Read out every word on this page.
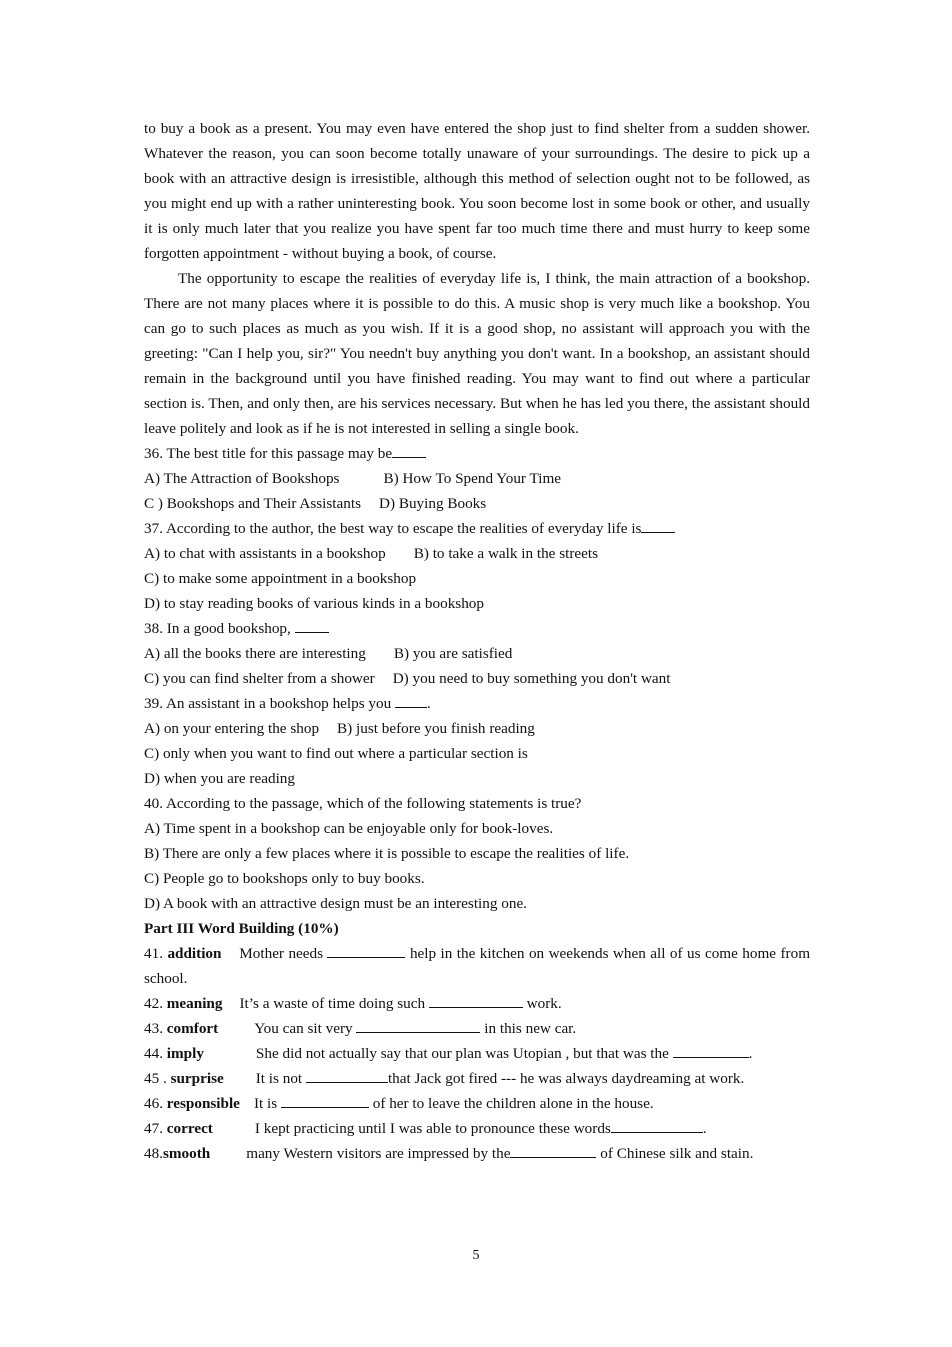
to buy a book as a present. You may even have entered the shop just to find shelter from a sudden shower. Whatever the reason, you can soon become totally unaware of your surroundings. The desire to pick up a book with an attractive design is irresistible, although this method of selection ought not to be followed, as you might end up with a rather uninteresting book. You soon become lost in some book or other, and usually it is only much later that you realize you have spent far too much time there and must hurry to keep some forgotten appointment - without buying a book, of course.

The opportunity to escape the realities of everyday life is, I think, the main attraction of a bookshop. There are not many places where it is possible to do this. A music shop is very much like a bookshop. You can go to such places as much as you wish. If it is a good shop, no assistant will approach you with the greeting: "Can I help you, sir?" You needn't buy anything you don't want. In a bookshop, an assistant should remain in the background until you have finished reading. You may want to find out where a particular section is. Then, and only then, are his services necessary. But when he has led you there, the assistant should leave politely and look as if he is not interested in selling a single book.

36. The best title for this passage may be

A) The Attraction of Bookshops	B) How To Spend Your Time

C ) Bookshops and Their Assistants D) Buying Books

37. According to the author, the best way to escape the realities of everyday life is

A) to chat with assistants in a bookshop B) to take a walk in the streets

C) to make some appointment in a bookshop

D) to stay reading books of various kinds in a bookshop

38. In a good bookshop,

A) all the books there are interesting B) you are satisfied

C) you can find shelter from a shower D) you need to buy something you don't want

39. An assistant in a bookshop helps you .

A) on your entering the shop B) just before you finish reading

C) only when you want to find out where a particular section is

D) when you are reading

40. According to the passage, which of the following statements is true?

A) Time spent in a bookshop can be enjoyable only for book-loves.

B) There are only a few places where it is possible to escape the realities of life.

C) People go to bookshops only to buy books.

D) A book with an attractive design must be an interesting one.

Part III Word Building (10%)

41. addition Mother needs	help in the kitchen on weekends when all of us come home from school.

42. meaning It’s a waste of time doing such	work.

43. comfort You can sit very	in this new car.

44. imply	She did not actually say that our plan was Utopian , but that was the	.

45 . surprise It is not	that Jack got fired --- he was always daydreaming at work.

46. responsible It is	of her to leave the children alone in the house.

47. correct	I kept practicing until I was able to pronounce these words	.

48.smooth many Western visitors are impressed by the	of Chinese silk and stain.

5
